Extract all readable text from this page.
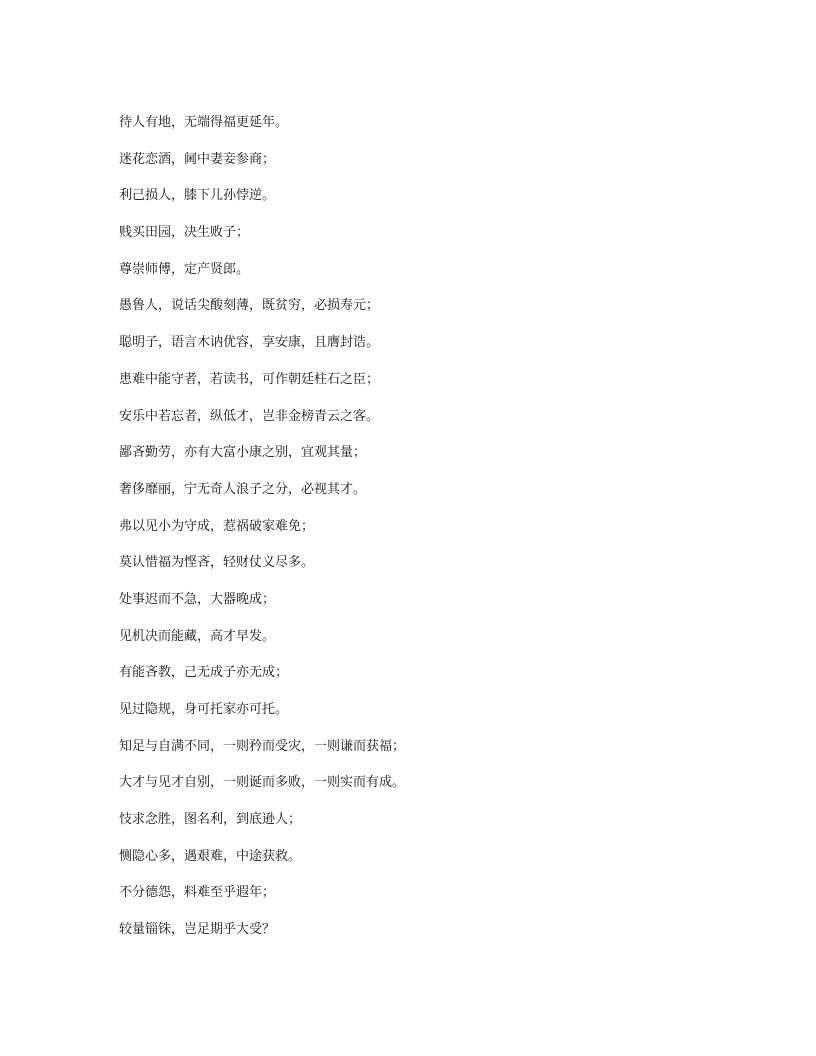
待人有地，无端得福更延年。
迷花恋酒，阃中妻妾参商；
利己损人，膝下儿孙悖逆。
贱买田园，决生败子；
尊崇师傅，定产贤郎。
愚鲁人，说话尖酸刻薄，既贫穷，必损寿元；
聪明子，语言木讷优容，享安康，且膺封诰。
患难中能守者，若读书，可作朝廷柱石之臣；
安乐中若忘者，纵低才，岂非金榜青云之客。
鄙吝勤劳，亦有大富小康之别，宜观其量；
奢侈靡丽，宁无奇人浪子之分，必视其才。
弗以见小为守成，惹祸破家难免；
莫认惜福为悭吝，轻财仗义尽多。
处事迟而不急，大器晚成；
见机决而能藏，高才早发。
有能吝教，己无成子亦无成；
见过隐规，身可托家亦可托。
知足与自满不同，一则矜而受灾，一则谦而获福；
大才与见才自别，一则诞而多败，一则实而有成。
忮求念胜，图名利，到底逊人；
恻隐心多，遇艰难，中途获救。
不分德怨，料难至乎遐年；
较量锱铢，岂足期乎大受？
